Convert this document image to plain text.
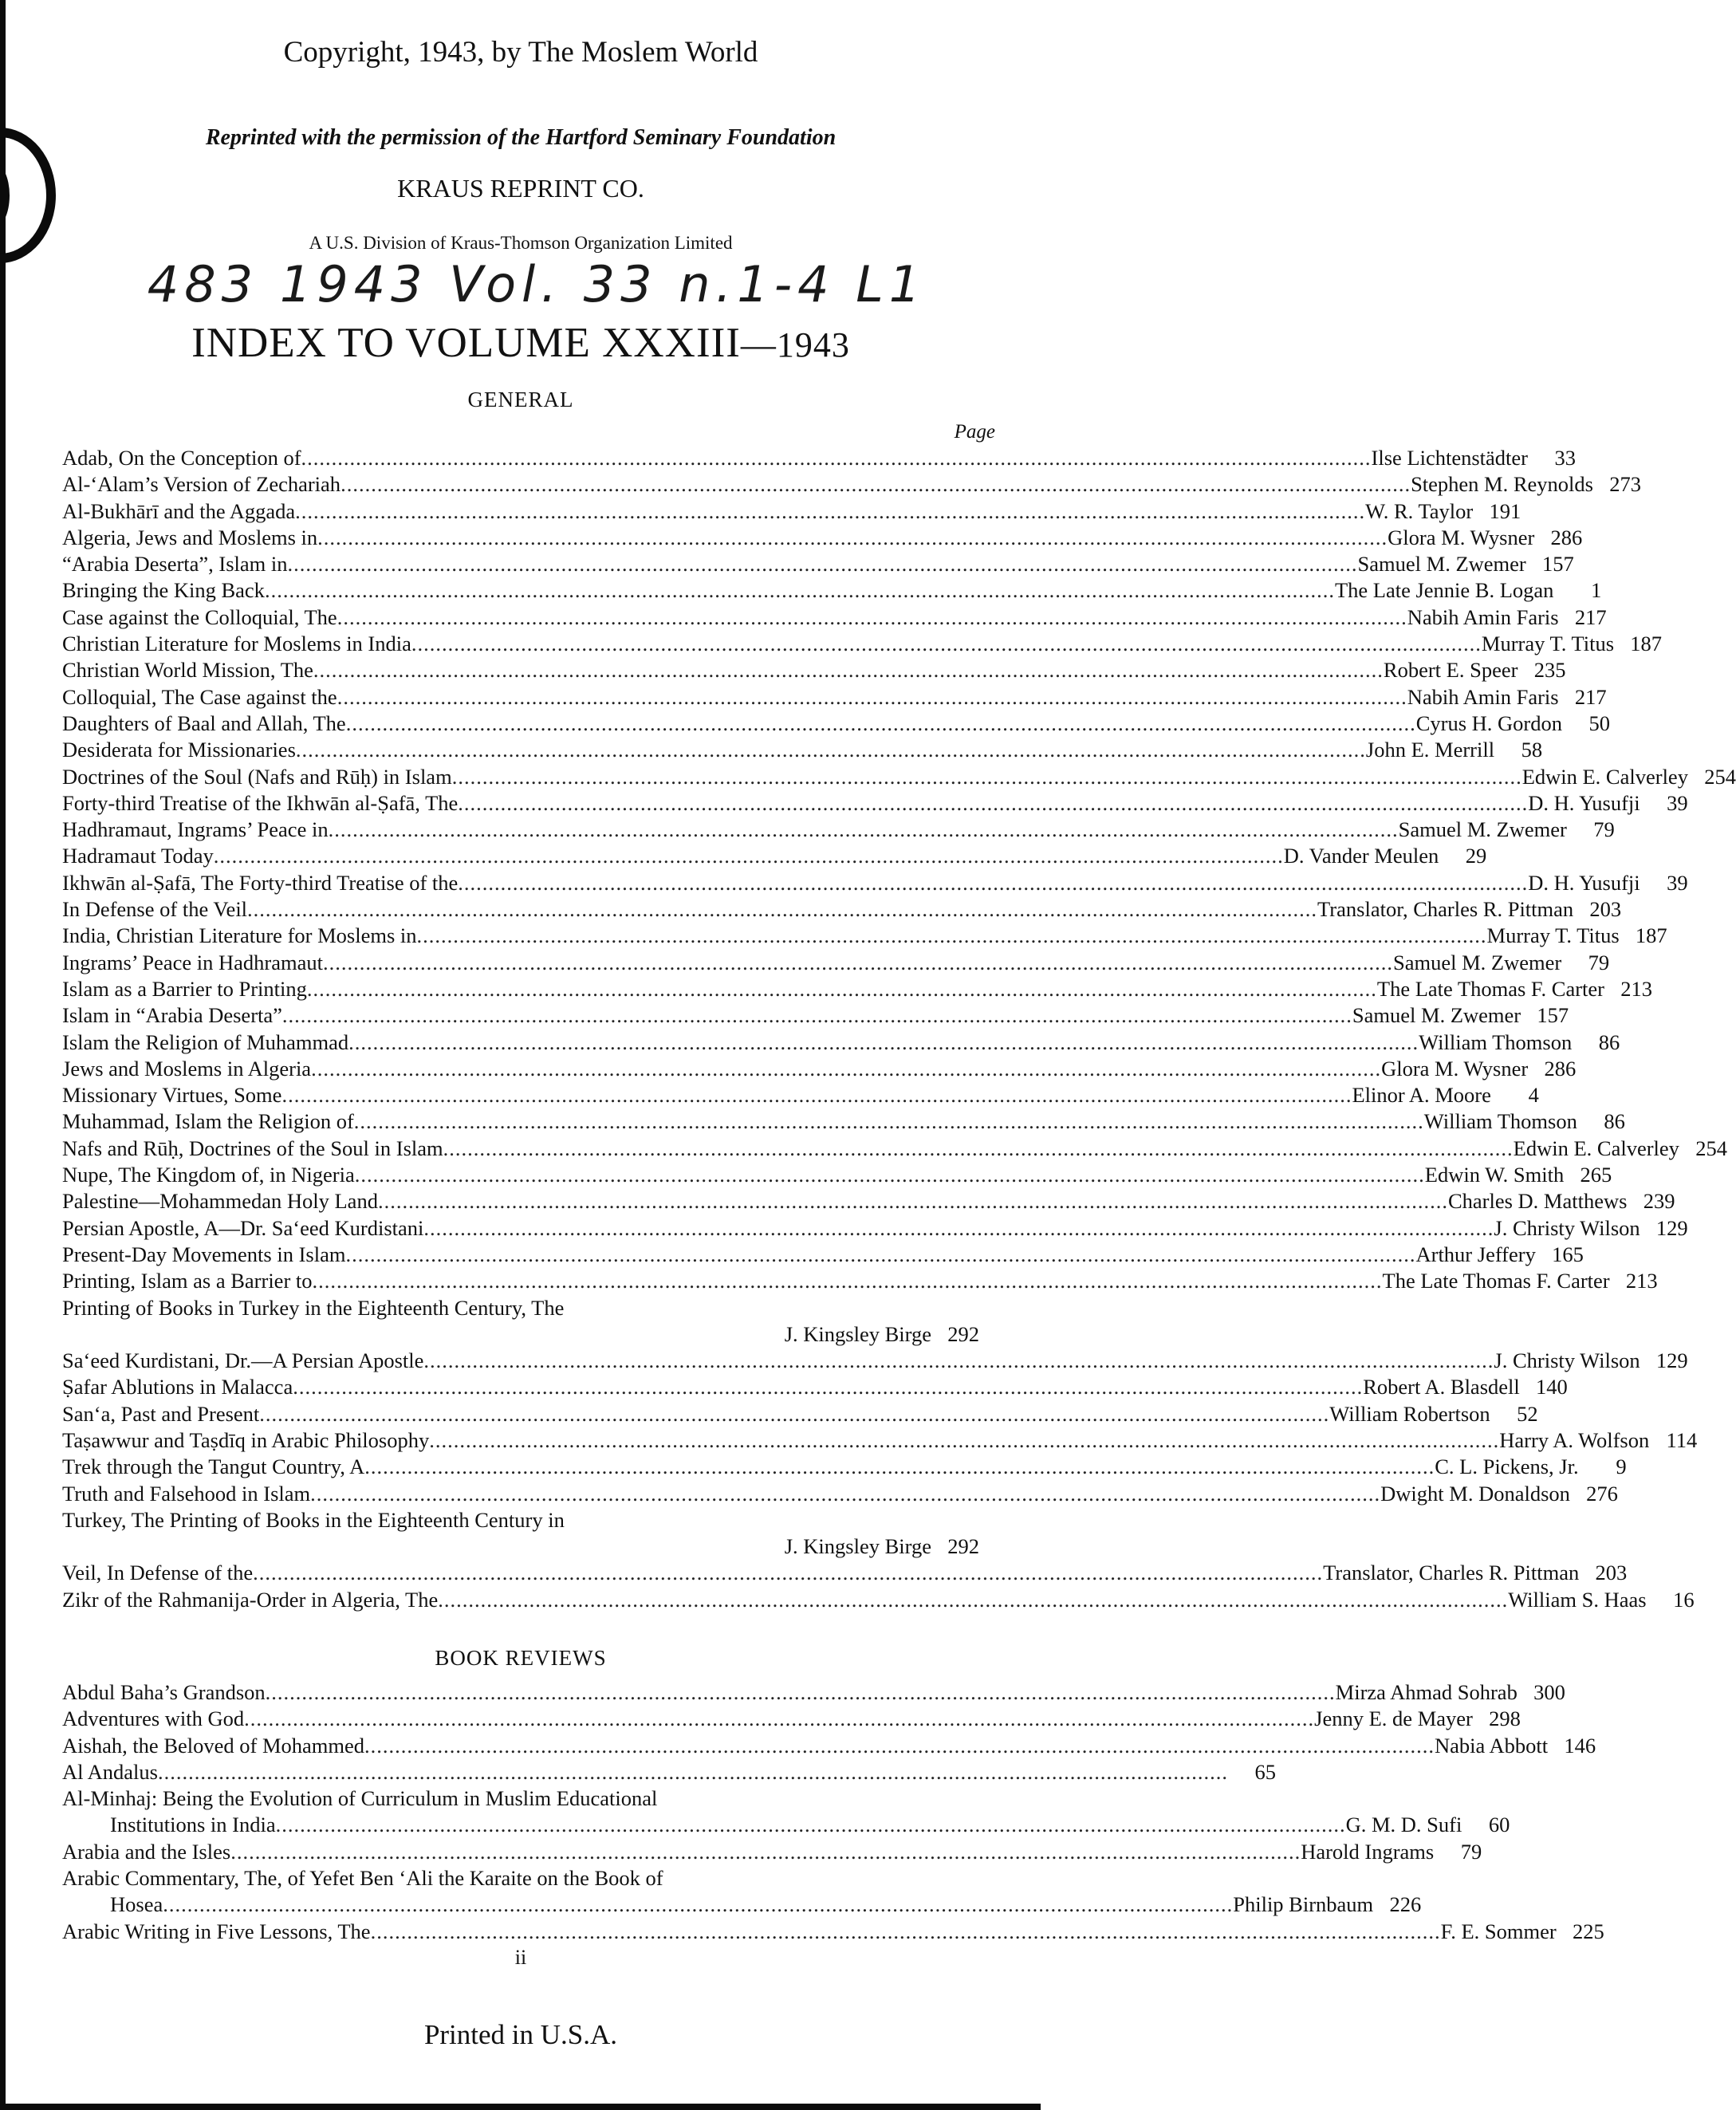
Copyright, 1943, by The Moslem World
Reprinted with the permission of the Hartford Seminary Foundation
KRAUS REPRINT CO.
A U.S. Division of Kraus-Thomson Organization Limited
483 1943 Vol. 33 n.1-4 L1
INDEX TO VOLUME XXXIII—1943
GENERAL
Page
Adab, On the Conception of .....	Ilse Lichtenstädter	33
Al-‘Alam’s Version of Zechariah .....	Stephen M. Reynolds 273
Al-Bukhārī and the Aggada .....	W. R. Taylor 191
Algeria, Jews and Moslems in .....	Glora M. Wysner 286
“Arabia Deserta”, Islam in .....	Samuel M. Zwemer 157
Bringing the King Back .....	The Late Jennie B. Logan	1
Case against the Colloquial, The .....	Nabih Amin Faris 217
Christian Literature for Moslems in India .....	Murray T. Titus 187
Christian World Mission, The .....	Robert E. Speer 235
Colloquial, The Case against the .....	Nabih Amin Faris 217
Daughters of Baal and Allah, The .....	Cyrus H. Gordon	50
Desiderata for Missionaries .....	John E. Merrill	58
Doctrines of the Soul (Nafs and Rūḥ) in Islam .....	Edwin E. Calverley 254
Forty-third Treatise of the Ikhwān al-Ṣafā, The .....	D. H. Yusufji	39
Hadhramaut, Ingrams’ Peace in .....	Samuel M. Zwemer	79
Hadramaut Today .....	D. Vander Meulen	29
Ikhwān al-Ṣafā, The Forty-third Treatise of the .....	D. H. Yusufji	39
In Defense of the Veil .....	Translator, Charles R. Pittman 203
India, Christian Literature for Moslems in .....	Murray T. Titus 187
Ingrams’ Peace in Hadhramaut .....	Samuel M. Zwemer	79
Islam as a Barrier to Printing .....	The Late Thomas F. Carter 213
Islam in “Arabia Deserta” .....	Samuel M. Zwemer 157
Islam the Religion of Muhammad .....	William Thomson	86
Jews and Moslems in Algeria .....	Glora M. Wysner 286
Missionary Virtues, Some .....	Elinor A. Moore	4
Muhammad, Islam the Religion of .....	William Thomson	86
Nafs and Rūḥ, Doctrines of the Soul in Islam .....	Edwin E. Calverley 254
Nupe, The Kingdom of, in Nigeria .....	Edwin W. Smith 265
Palestine—Mohammedan Holy Land .....	Charles D. Matthews 239
Persian Apostle, A—Dr. Sa‘eed Kurdistani .....	J. Christy Wilson 129
Present-Day Movements in Islam .....	Arthur Jeffery 165
Printing, Islam as a Barrier to .....	The Late Thomas F. Carter 213
Printing of Books in Turkey in the Eighteenth Century, The
J. Kingsley Birge 292
Sa‘eed Kurdistani, Dr.—A Persian Apostle .....	J. Christy Wilson 129
Ṣafar Ablutions in Malacca .....	Robert A. Blasdell 140
San‘a, Past and Present .....	William Robertson	52
Taṣawwur and Taṣdīq in Arabic Philosophy .....	Harry A. Wolfson 114
Trek through the Tangut Country, A .....	C. L. Pickens, Jr.	9
Truth and Falsehood in Islam .....	Dwight M. Donaldson 276
Turkey, The Printing of Books in the Eighteenth Century in
J. Kingsley Birge 292
Veil, In Defense of the .....	Translator, Charles R. Pittman 203
Zikr of the Rahmanija-Order in Algeria, The .....	William S. Haas	16
BOOK REVIEWS
Abdul Baha’s Grandson .....	Mirza Ahmad Sohrab 300
Adventures with God .....	Jenny E. de Mayer 298
Aishah, the Beloved of Mohammed .....	Nabia Abbott 146
Al Andalus .....	65
Al-Minhaj: Being the Evolution of Curriculum in Muslim Educational
Institutions in India .....	G. M. D. Sufi	60
Arabia and the Isles .....	Harold Ingrams	79
Arabic Commentary, The, of Yefet Ben ‘Ali the Karaite on the Book of
Hosea .....	Philip Birnbaum 226
Arabic Writing in Five Lessons, The .....	F. E. Sommer 225
ii
Printed in U.S.A.
